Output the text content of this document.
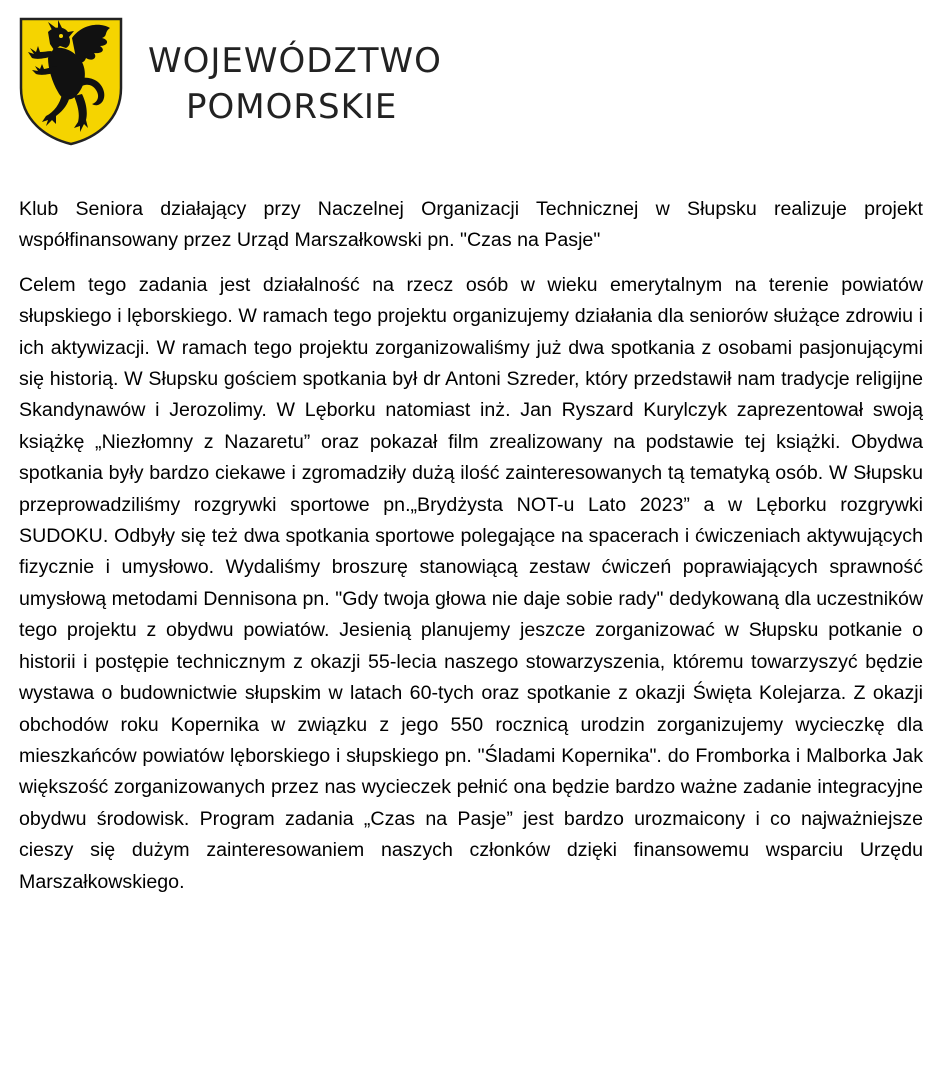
WOJEWÓDZTWO
POMORSKIE

Klub Seniora działający przy Naczelnej Organizacji Technicznej w Słupsku realizuje projekt współfinansowany przez Urząd Marszałkowski pn. "Czas na Pasje"

Celem tego zadania jest działalność na rzecz osób w wieku emerytalnym na terenie powiatów słupskiego i lęborskiego. W ramach tego projektu organizujemy działania dla seniorów służące zdrowiu i ich aktywizacji. W ramach tego projektu zorganizowaliśmy już dwa spotkania z osobami pasjonującymi się historią. W Słupsku gościem spotkania był dr Antoni Szreder, który przedstawił nam tradycje religijne Skandynawów i Jerozolimy. W Lęborku natomiast inż. Jan Ryszard Kurylczyk zaprezentował swoją książkę „Niezłomny z Nazaretu” oraz pokazał film zrealizowany na podstawie tej książki. Obydwa spotkania były bardzo ciekawe i zgromadziły dużą ilość zainteresowanych tą tematyką osób. W Słupsku przeprowadziliśmy rozgrywki sportowe pn.„Brydżysta NOT-u Lato 2023” a w Lęborku rozgrywki SUDOKU. Odbyły się też dwa spotkania sportowe polegające na spacerach i ćwiczeniach aktywujących fizycznie i umysłowo. Wydaliśmy broszurę stanowiącą zestaw ćwiczeń poprawiających sprawność umysłową metodami Dennisona pn. "Gdy twoja głowa nie daje sobie rady" dedykowaną dla uczestników tego projektu z obydwu powiatów. Jesienią planujemy jeszcze zorganizować w Słupsku potkanie o historii i postępie technicznym z okazji 55-lecia naszego stowarzyszenia, któremu towarzyszyć będzie wystawa o budownictwie słupskim w latach 60-tych oraz spotkanie z okazji Święta Kolejarza. Z okazji obchodów roku Kopernika w związku z jego 550 rocznicą urodzin zorganizujemy wycieczkę dla mieszkańców powiatów lęborskiego i słupskiego pn. "Śladami Kopernika". do Fromborka i Malborka Jak większość zorganizowanych przez nas wycieczek pełnić ona będzie bardzo ważne zadanie integracyjne obydwu środowisk. Program zadania „Czas na Pasje” jest bardzo urozmaicony i co najważniejsze cieszy się dużym zainteresowaniem naszych członków dzięki finansowemu wsparciu Urzędu Marszałkowskiego.
